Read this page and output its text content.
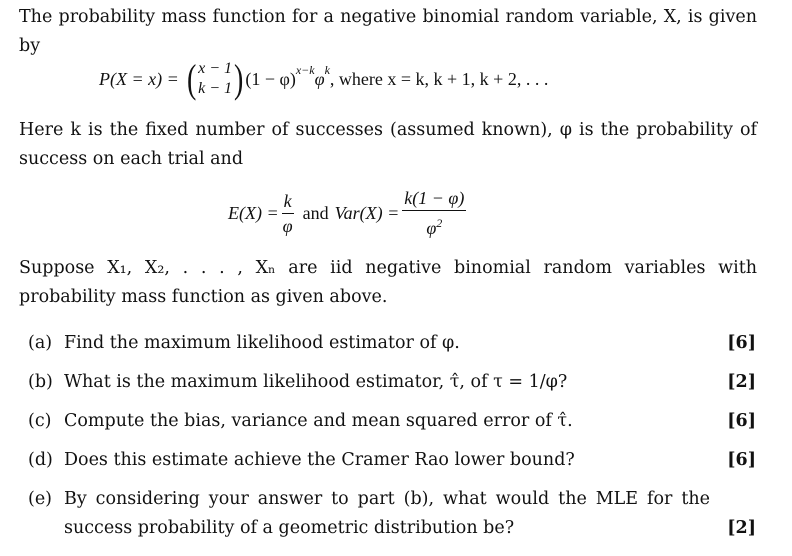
The probability mass function for a negative binomial random variable, X, is given by
P(X = x) = ( x − 1
k − 1 ) $(1 - \varphi)^{x-k}$ $\varphi^k$ , where x = k, k + 1, k + 2, . . .
Here k is the fixed number of successes (assumed known), φ is the probability of success on each trial and
$E(X) = \frac{k}{\varphi}$ and $Var(X) = \frac{k(1 - \varphi)}{\varphi^2}$
Suppose X₁, X₂, . . . , Xₙ are iid negative binomial random variables with probability mass function as given above.
(a) Find the maximum likelihood estimator of φ.	[6]
(b) What is the maximum likelihood estimator, τ̂, of τ = 1/φ?	[2]
(c) Compute the bias, variance and mean squared error of τ̂.	[6]
(d) Does this estimate achieve the Cramer Rao lower bound?	[6]
(e) By considering your answer to part (b), what would the MLE for the success probability of a geometric distribution be?	[2]
